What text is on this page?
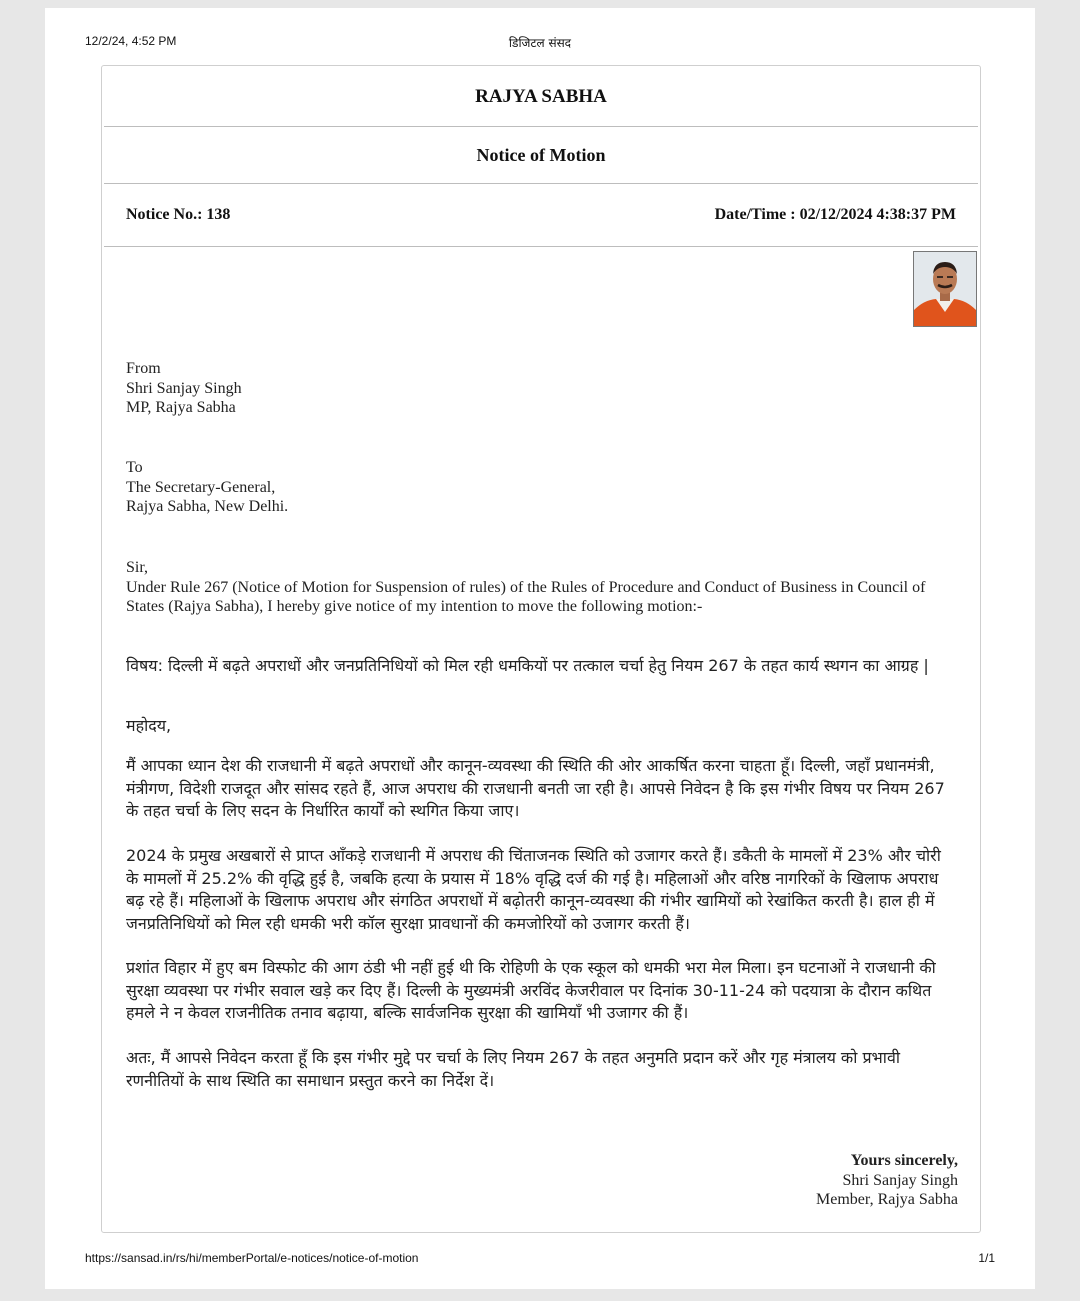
12/2/24, 4:52 PM	डिजिटल संसद
RAJYA SABHA
Notice of Motion
Notice No.: 138	Date/Time : 02/12/2024 4:38:37 PM
From
Shri Sanjay Singh
MP, Rajya Sabha
To
The Secretary-General,
Rajya Sabha, New Delhi.
Sir,
Under Rule 267 (Notice of Motion for Suspension of rules) of the Rules of Procedure and Conduct of Business in Council of States (Rajya Sabha), I hereby give notice of my intention to move the following motion:-
विषय: दिल्ली में बढ़ते अपराधों और जनप्रतिनिधियों को मिल रही धमकियों पर तत्काल चर्चा हेतु नियम 267 के तहत कार्य स्थगन का आग्रह |
महोदय,
मैं आपका ध्यान देश की राजधानी में बढ़ते अपराधों और कानून-व्यवस्था की स्थिति की ओर आकर्षित करना चाहता हूँ। दिल्ली, जहाँ प्रधानमंत्री, मंत्रीगण, विदेशी राजदूत और सांसद रहते हैं, आज अपराध की राजधानी बनती जा रही है। आपसे निवेदन है कि इस गंभीर विषय पर नियम 267 के तहत चर्चा के लिए सदन के निर्धारित कार्यों को स्थगित किया जाए।
2024 के प्रमुख अखबारों से प्राप्त आँकड़े राजधानी में अपराध की चिंताजनक स्थिति को उजागर करते हैं। डकैती के मामलों में 23% और चोरी के मामलों में 25.2% की वृद्धि हुई है, जबकि हत्या के प्रयास में 18% वृद्धि दर्ज की गई है। महिलाओं और वरिष्ठ नागरिकों के खिलाफ अपराध बढ़ रहे हैं। महिलाओं के खिलाफ अपराध और संगठित अपराधों में बढ़ोतरी कानून-व्यवस्था की गंभीर खामियों को रेखांकित करती है। हाल ही में जनप्रतिनिधियों को मिल रही धमकी भरी कॉल सुरक्षा प्रावधानों की कमजोरियों को उजागर करती हैं।
प्रशांत विहार में हुए बम विस्फोट की आग ठंडी भी नहीं हुई थी कि रोहिणी के एक स्कूल को धमकी भरा मेल मिला। इन घटनाओं ने राजधानी की सुरक्षा व्यवस्था पर गंभीर सवाल खड़े कर दिए हैं। दिल्ली के मुख्यमंत्री अरविंद केजरीवाल पर दिनांक 30-11-24 को पदयात्रा के दौरान कथित हमले ने न केवल राजनीतिक तनाव बढ़ाया, बल्कि सार्वजनिक सुरक्षा की खामियाँ भी उजागर की हैं।
अतः, मैं आपसे निवेदन करता हूँ कि इस गंभीर मुद्दे पर चर्चा के लिए नियम 267 के तहत अनुमति प्रदान करें और गृह मंत्रालय को प्रभावी रणनीतियों के साथ स्थिति का समाधान प्रस्तुत करने का निर्देश दें।
Yours sincerely,
Shri Sanjay Singh
Member, Rajya Sabha
https://sansad.in/rs/hi/memberPortal/e-notices/notice-of-motion	1/1
